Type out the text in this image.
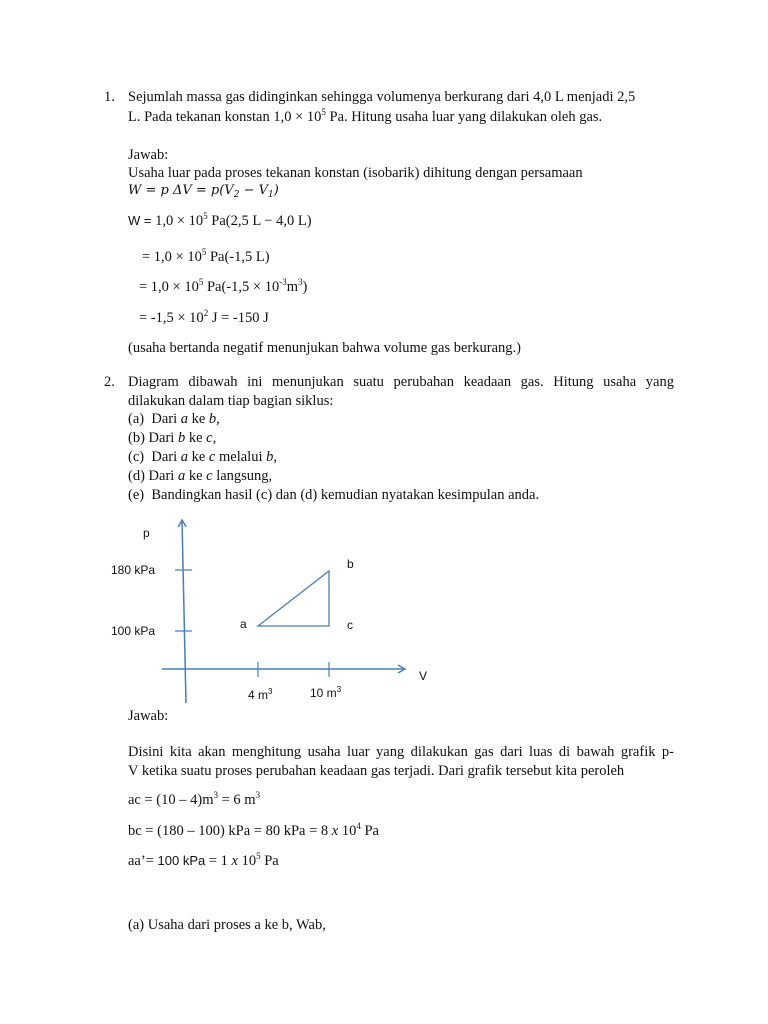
1. Sejumlah massa gas didinginkan sehingga volumenya berkurang dari 4,0 L menjadi 2,5
L. Pada tekanan konstan $1,0 \times 10^5$ Pa. Hitung usaha luar yang dilakukan oleh gas.
Jawab:
Usaha luar pada proses tekanan konstan (isobarik) dihitung dengan persamaan
W = p $\Delta V = p(V_2 - V_1)$
$W = 1,0 \times 10^5$ Pa(2,5 L − 4,0 L)
= $1,0 \times 10^5$ Pa(-1,5 L)
= $1,0 \times 10^5$ $Pa(-1,5 \times 10^{-3}m^3)$
= $-1,5 \times 10^2$ J = -150 J
(usaha bertanda negatif menunjukan bahwa volume gas berkurang.)
2. Diagram dibawah ini menunjukan suatu perubahan keadaan gas. Hitung usaha yang
dilakukan dalam tiap bagian siklus:
(a) Dari a ke b,
(b) Dari b ke c,
(c) Dari a ke c melalui b,
(d) Dari a ke c langsung,
(e) Bandingkan hasil (c) dan (d) kemudian nyatakan kesimpulan anda.
p
180 kPa
100 kPa
b
a	c
V
4 $m^3$	10 $m^3$
Jawab:
Disini kita akan menghitung usaha luar yang dilakukan gas dari luas di bawah grafik p-
V ketika suatu proses perubahan keadaan gas terjadi. Dari grafik tersebut kita peroleh
ac = $(10 - 4)m^3 = 6$ $m^3$
bc = (180 – 100) kPa = 80 kPa = 8 x $10^4$ Pa
aa’= 100 kPa = 1 x $10^5$ Pa
(a) Usaha dari proses a ke b, Wab,
